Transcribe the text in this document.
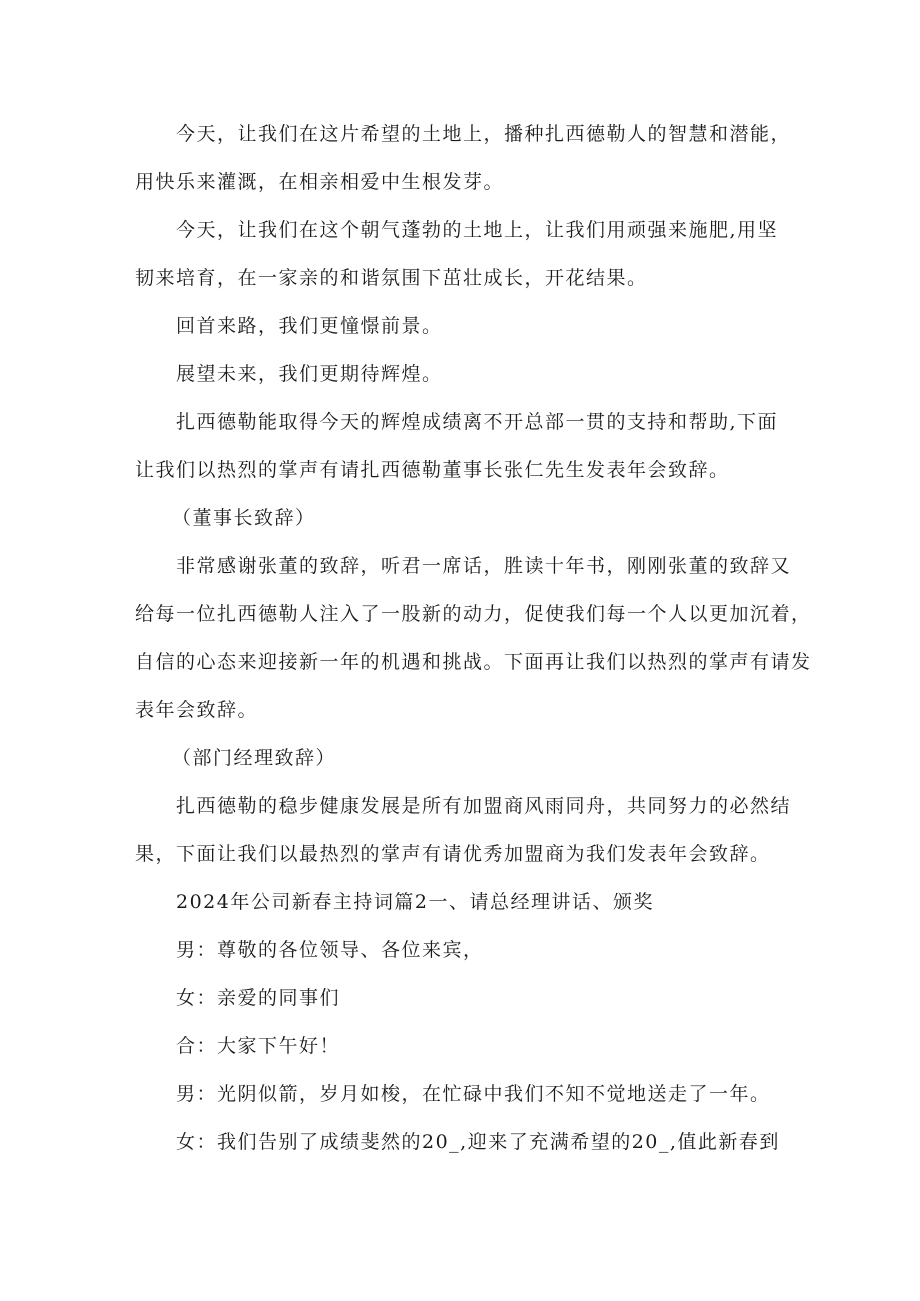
今天，让我们在这片希望的土地上，播种扎西德勒人的智慧和潜能，

用快乐来灌溉，在相亲相爱中生根发芽。

今天，让我们在这个朝气蓬勃的土地上，让我们用顽强来施肥,用坚

韧来培育，在一家亲的和谐氛围下茁壮成长，开花结果。

回首来路，我们更憧憬前景。

展望未来，我们更期待辉煌。

扎西德勒能取得今天的辉煌成绩离不开总部一贯的支持和帮助,下面

让我们以热烈的掌声有请扎西德勒董事长张仁先生发表年会致辞。

（董事长致辞）

非常感谢张董的致辞，听君一席话，胜读十年书，刚刚张董的致辞又

给每一位扎西德勒人注入了一股新的动力，促使我们每一个人以更加沉着，

自信的心态来迎接新一年的机遇和挑战。下面再让我们以热烈的掌声有请发

表年会致辞。

（部门经理致辞）

扎西德勒的稳步健康发展是所有加盟商风雨同舟，共同努力的必然结

果，下面让我们以最热烈的掌声有请优秀加盟商为我们发表年会致辞。

2024年公司新春主持词篇2一、请总经理讲话、颁奖

男：尊敬的各位领导、各位来宾，

女：亲爱的同事们

合：大家下午好！

男：光阴似箭，岁月如梭，在忙碌中我们不知不觉地送走了一年。

女：我们告别了成绩斐然的20_,迎来了充满希望的20_,值此新春到
